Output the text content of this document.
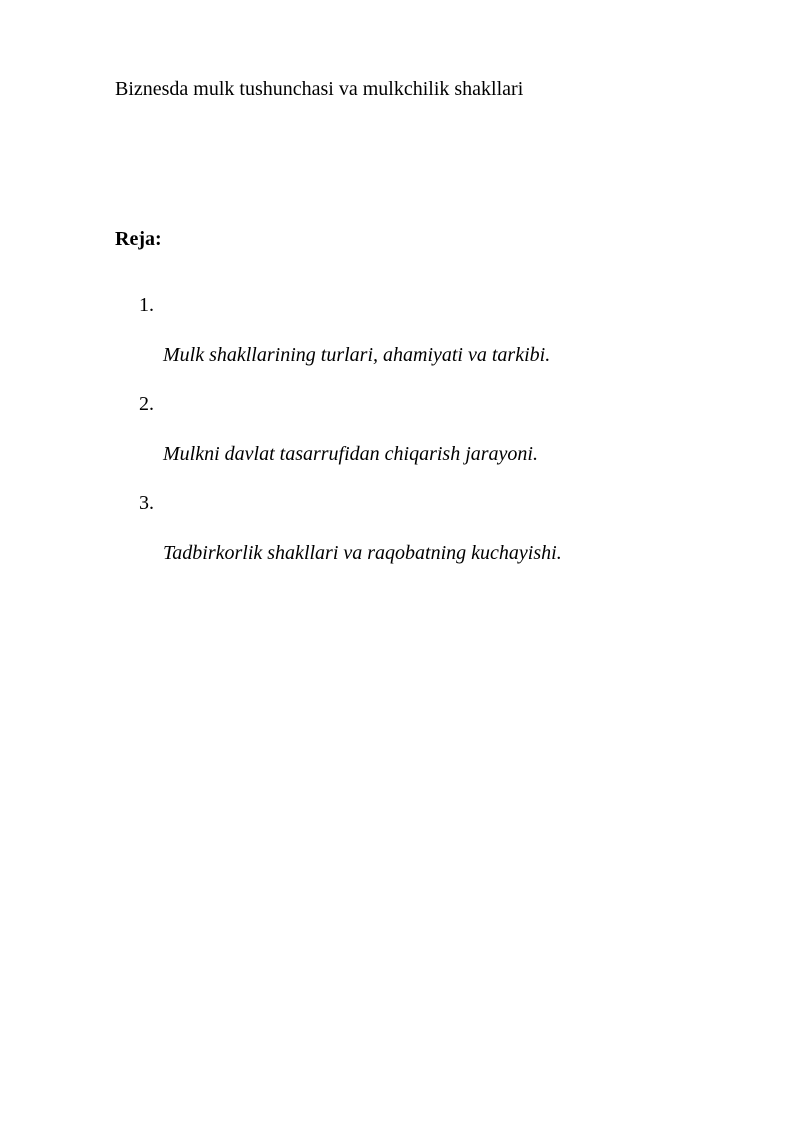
Biznesda mulk tushunchasi va mulkchilik shakllari
Reja:
1.
Mulk shakllarining turlari, ahamiyati va tarkibi.
2.
Mulkni davlat tasarrufidan chiqarish jarayoni.
3.
Tadbirkorlik shakllari va raqobatning kuchayishi.
